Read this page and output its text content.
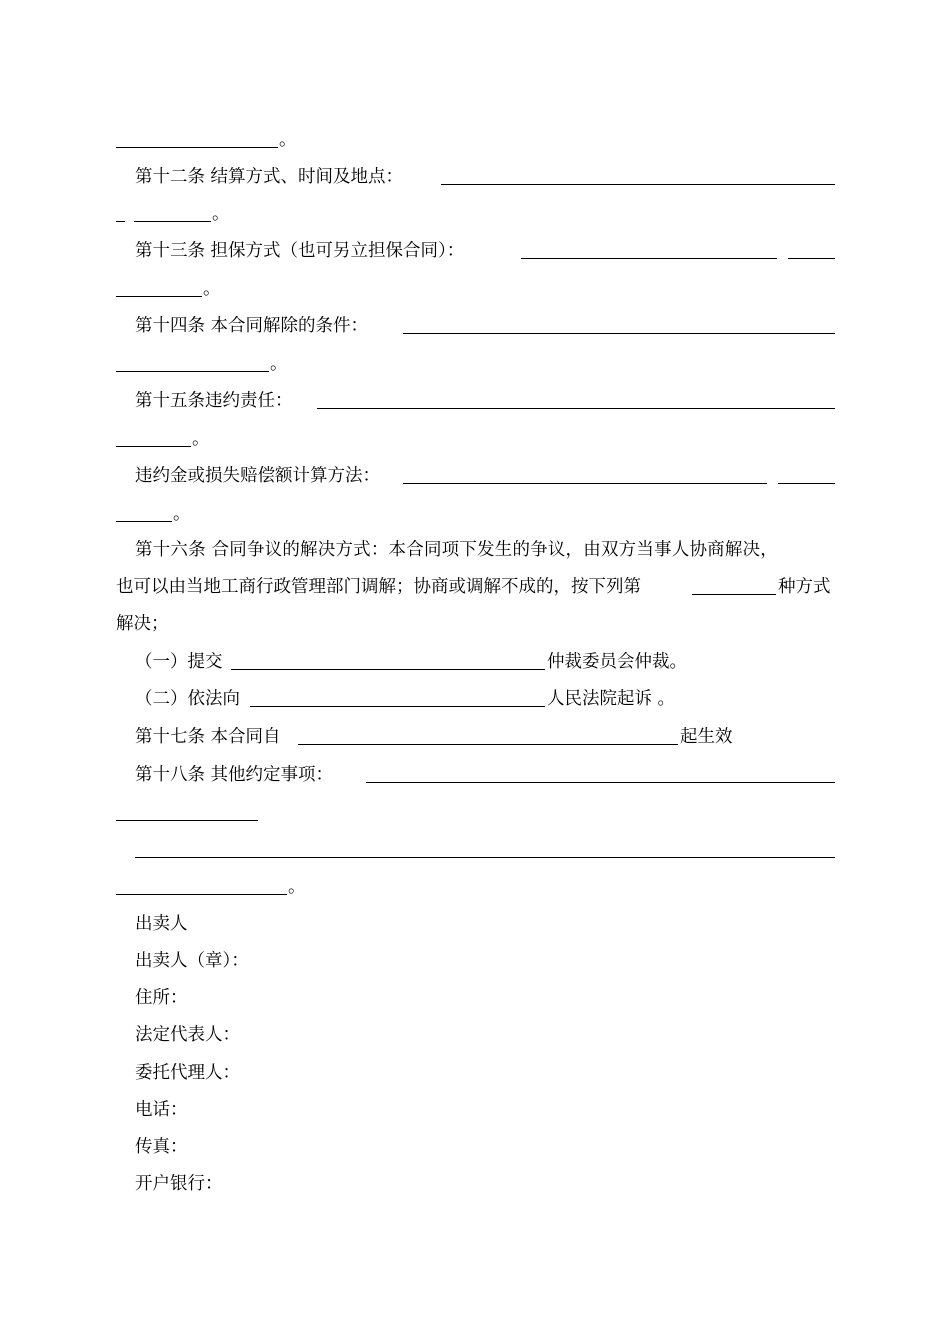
。
第十二条 结算方式、时间及地点：
。
第十三条 担保方式（也可另立担保合同）：
。
第十四条 本合同解除的条件：
。
第十五条违约责任：
。
违约金或损失赔偿额计算方法：
。
第十六条 合同争议的解决方式：本合同项下发生的争议，由双方当事人协商解决，
也可以由当地工商行政管理部门调解；协商或调解不成的，按下列第	种方式
解决；
（一）提交	仲裁委员会仲裁。
（二）依法向	人民法院起诉 。
第十七条 本合同自	起生效
第十八条 其他约定事项：
。
出卖人
出卖人（章）：
住所：
法定代表人：
委托代理人：
电话：
传真：
开户银行：
